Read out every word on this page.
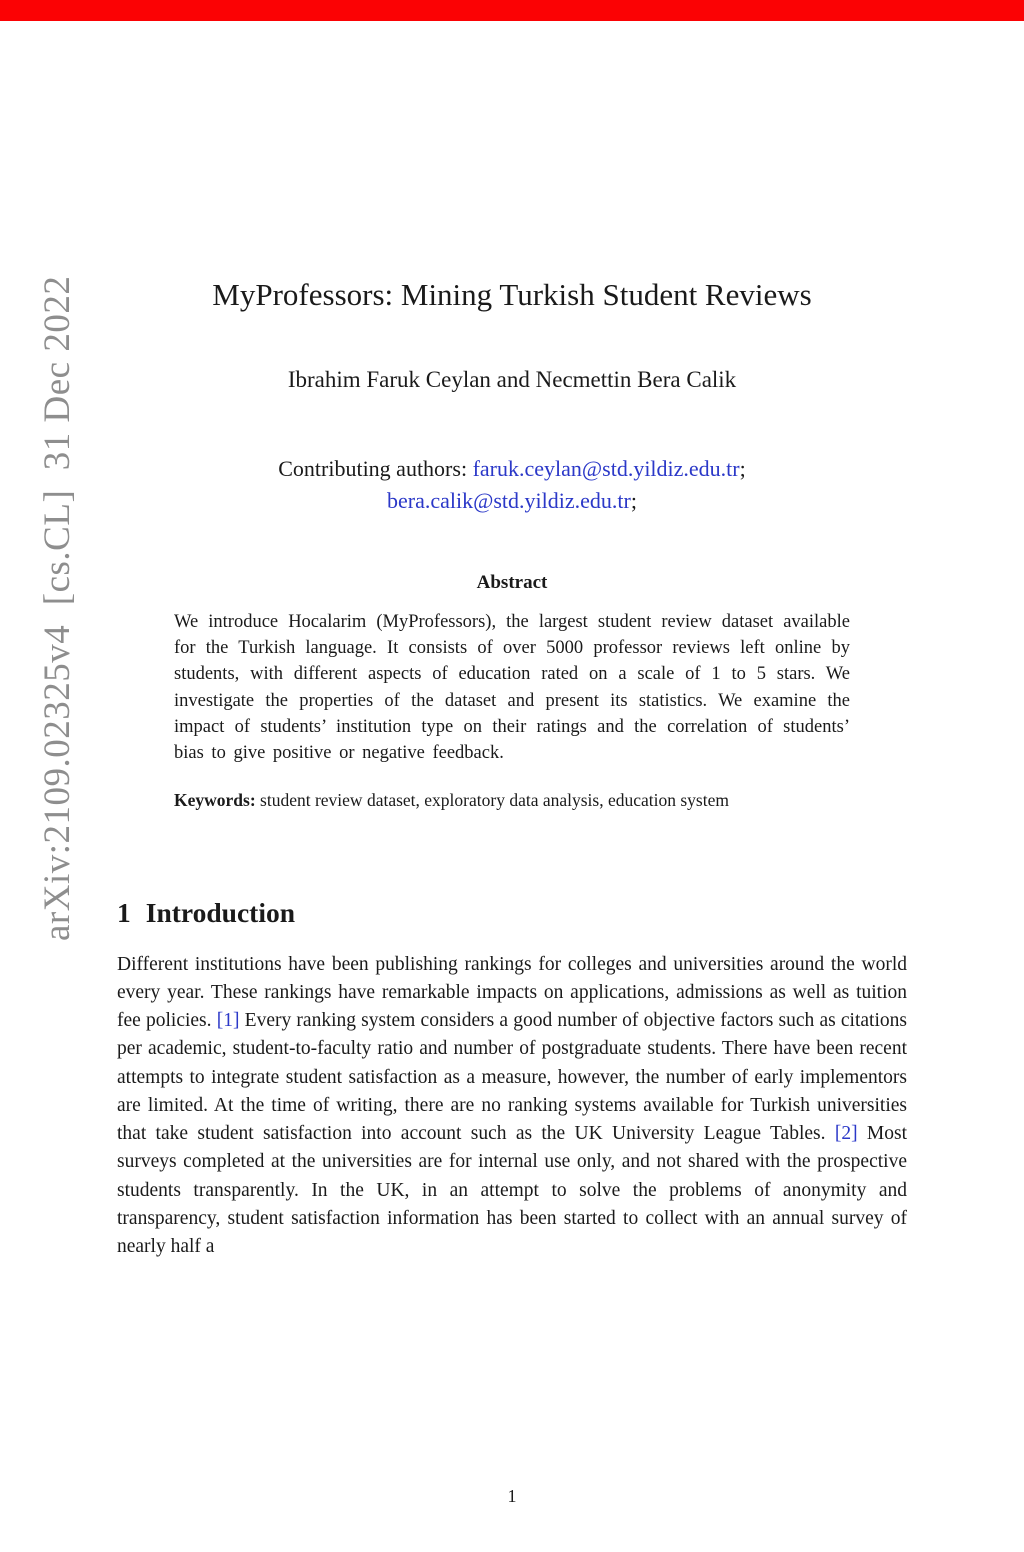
arXiv:2109.02325v4  [cs.CL]  31 Dec 2022	MyProfessors: Mining Turkish Student Reviews
Ibrahim Faruk Ceylan and Necmettin Bera Calik
Contributing authors: faruk.ceylan@std.yildiz.edu.tr;
bera.calik@std.yildiz.edu.tr;
Abstract
We introduce Hocalarim (MyProfessors), the largest student review dataset available for the Turkish language. It consists of over 5000 professor reviews left online by students, with different aspects of education rated on a scale of 1 to 5 stars. We investigate the properties of the dataset and present its statistics. We examine the impact of students’ institution type on their ratings and the correlation of students’ bias to give positive or negative feedback.
Keywords: student review dataset, exploratory data analysis, education system
1 Introduction

Different institutions have been publishing rankings for colleges and universities around the world every year. These rankings have remarkable impacts on applications, admissions as well as tuition fee policies. [1] Every ranking system considers a good number of objective factors such as citations per academic, student-to-faculty ratio and number of postgraduate students. There have been recent attempts to integrate student satisfaction as a measure, however, the number of early implementors are limited. At the time of writing, there are no ranking systems available for Turkish universities that take student satisfaction into account such as the UK University League Tables. [2] Most surveys completed at the universities are for internal use only, and not shared with the prospective students transparently. In the UK, in an attempt to solve the problems of anonymity and transparency, student satisfaction information has been started to collect with an annual survey of nearly half a

1
